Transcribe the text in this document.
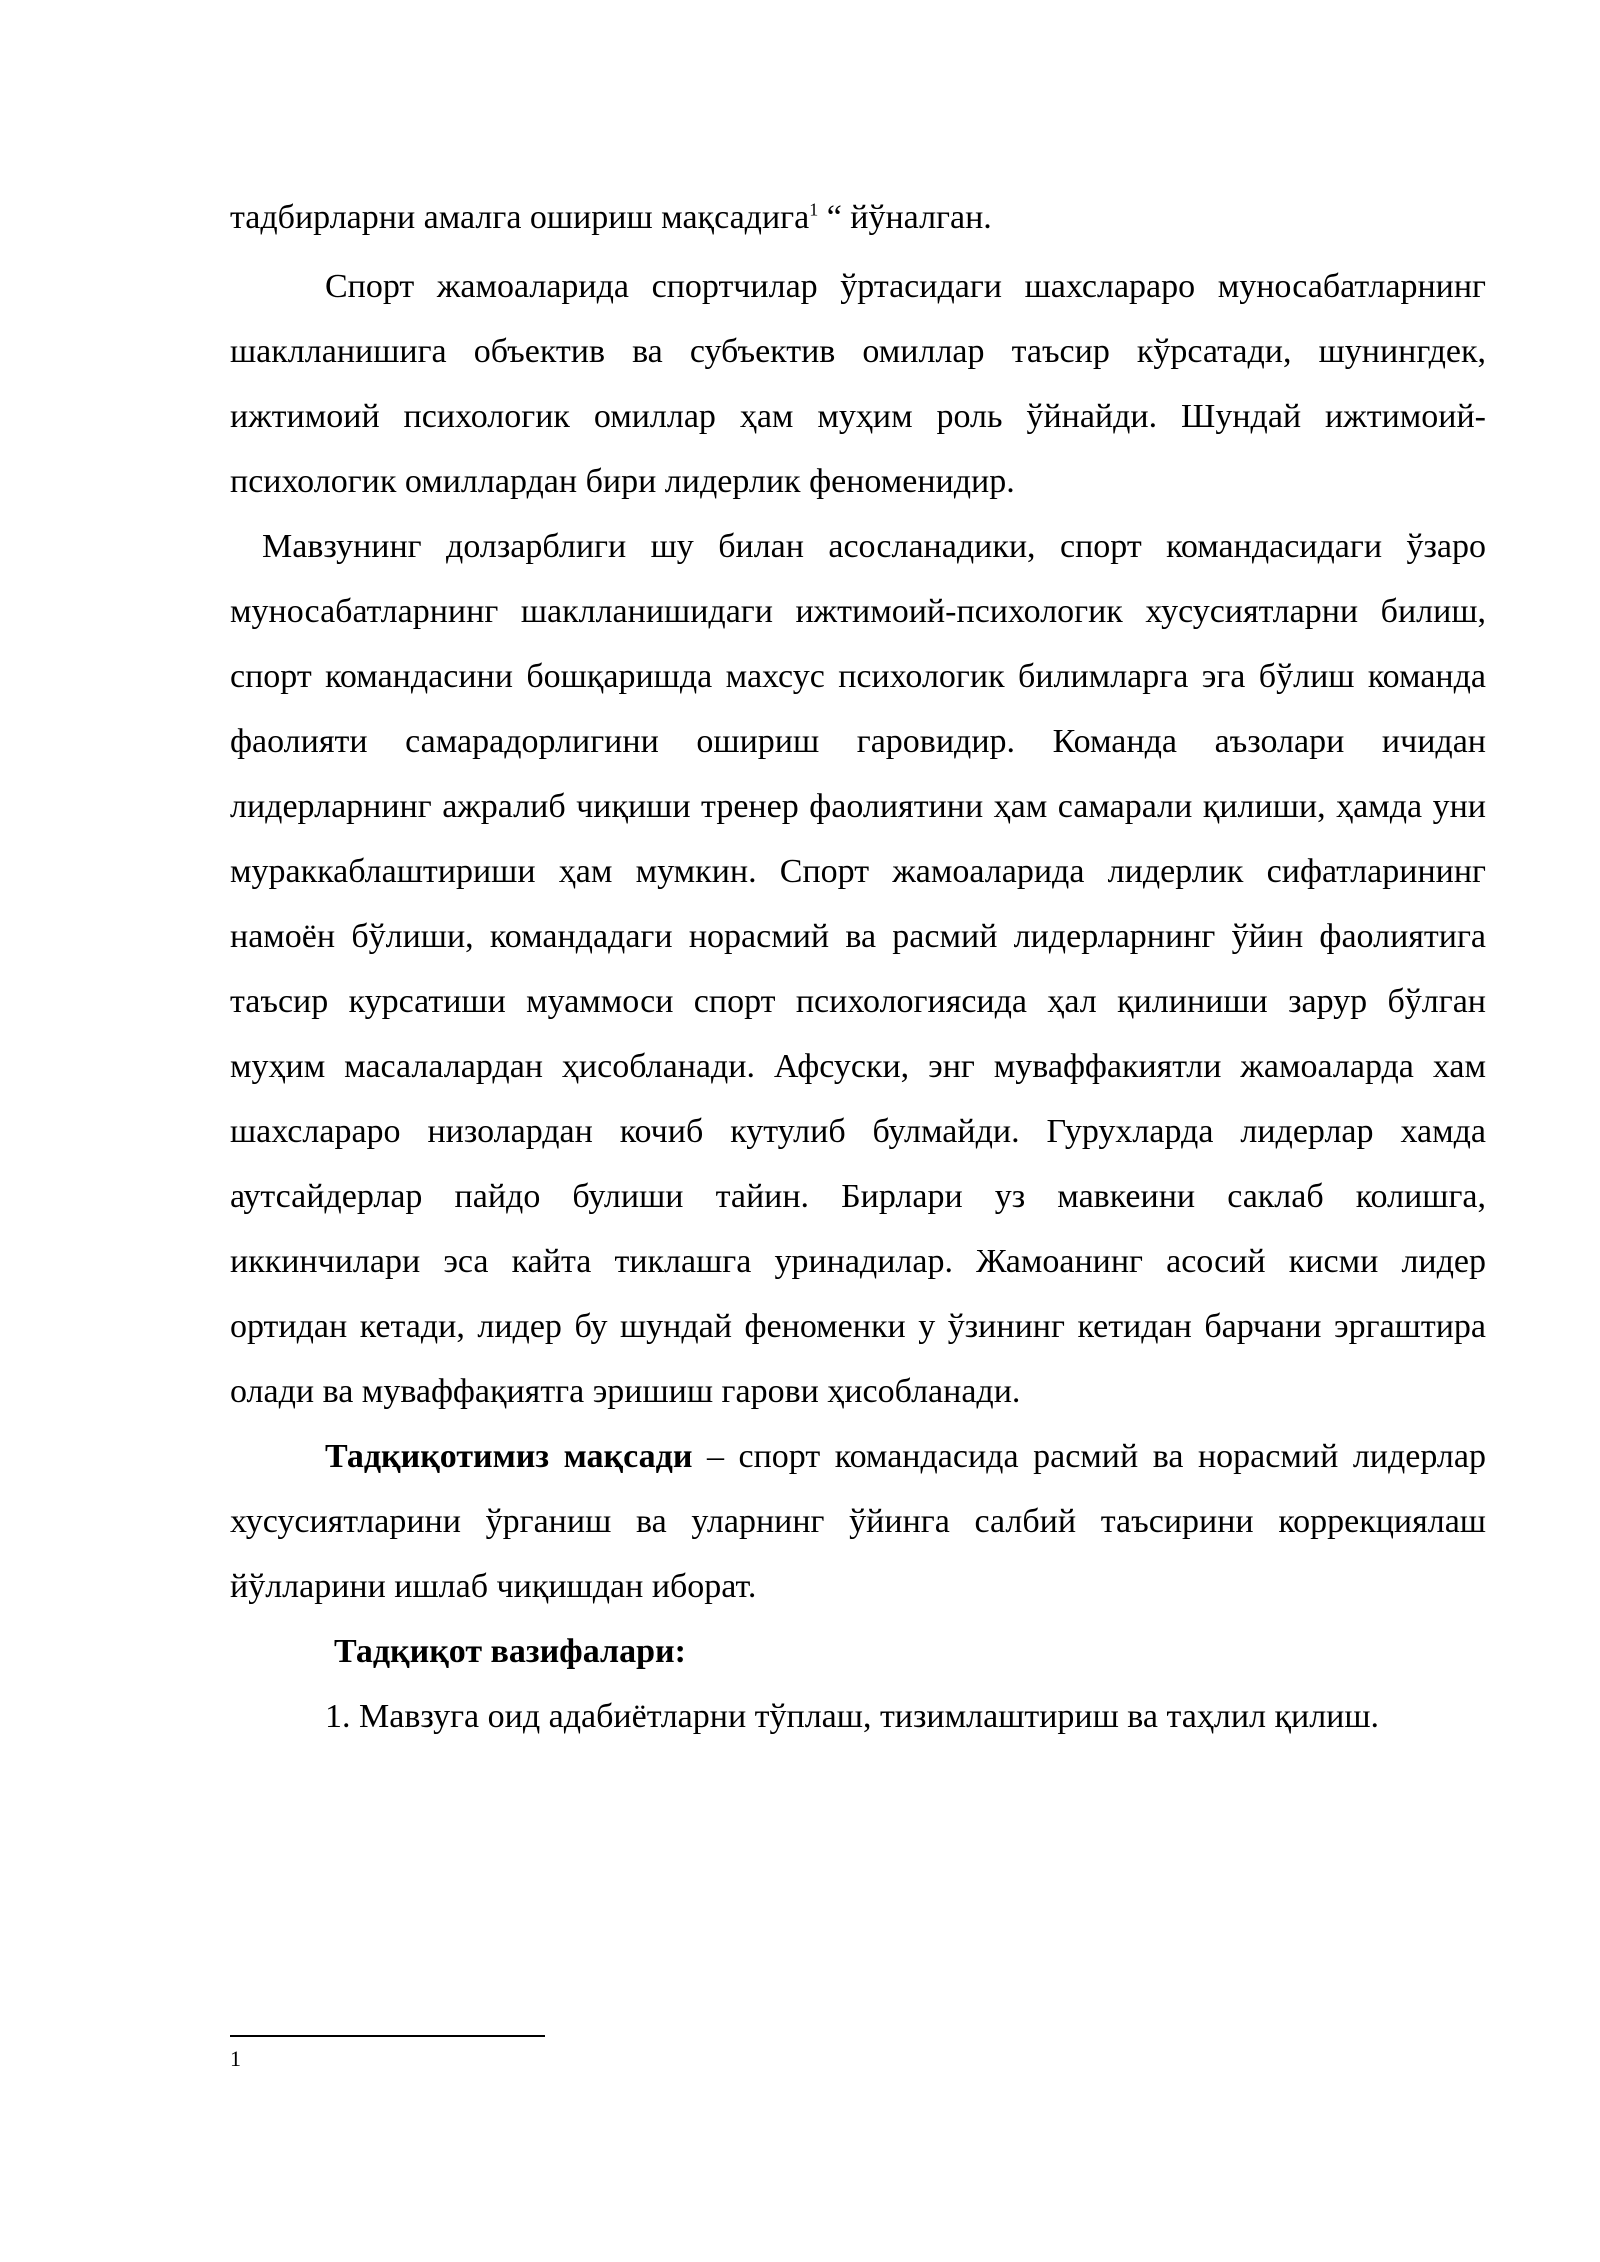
тадбирларни амалга ошириш мақсадига$^1$ “ йўналган.

Спорт жамоаларида спортчилар ўртасидаги шахслараро муносабатларнинг шаклланишига объектив ва субъектив омиллар таъсир кўрсатади, шунингдек, ижтимоий психологик омиллар ҳам муҳим роль ўйнайди. Шундай ижтимоий-психологик омиллардан бири лидерлик феноменидир.

Мавзунинг долзарблиги шу билан асосланадики, спорт командасидаги ўзаро муносабатларнинг шаклланишидаги ижтимоий-психологик хусусиятларни билиш, спорт командасини бошқаришда махсус психологик билимларга эга бўлиш команда фаолияти самарадорлигини ошириш гаровидир. Команда аъзолари ичидан лидерларнинг ажралиб чиқиши тренер фаолиятини ҳам самарали қилиши, ҳамда уни мураккаблаштириши ҳам мумкин. Спорт жамоаларида лидерлик сифатларининг намоён бўлиши, командадаги норасмий ва расмий лидерларнинг ўйин фаолиятига таъсир курсатиши муаммоси спорт психологиясида ҳал қилиниши зарур бўлган муҳим масалалардан ҳисобланади. Афсуски, энг муваффакиятли жамоаларда хам шахслараро низолардан кочиб кутулиб булмайди. Гурухларда лидерлар хамда аутсайдерлар пайдо булиши тайин. Бирлари уз мавкеини саклаб колишга, иккинчилари эса кайта тиклашга уринадилар. Жамоанинг асосий кисми лидер ортидан кетади, лидер бу шундай феноменки у ўзининг кетидан барчани эргаштира олади ва муваффақиятга эришиш гарови ҳисобланади.

Тадқиқотимиз мақсади – спорт командасида расмий ва норасмий лидерлар хусусиятларини ўрганиш ва уларнинг ўйинга салбий таъсирини коррекциялаш йўлларини ишлаб чиқишдан иборат.

Тадқиқот вазифалари:

1. Мавзуга оид адабиётларни тўплаш, тизимлаштириш ва таҳлил қилиш.

1
